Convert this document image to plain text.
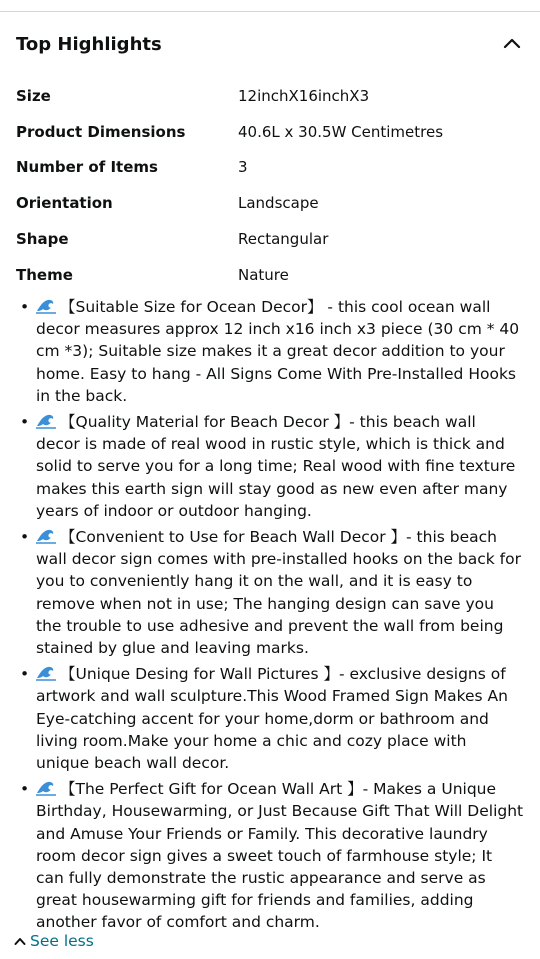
Top Highlights
Size	12inchX16inchX3
Product Dimensions	40.6L x 30.5W Centimetres
Number of Items	3
Orientation	Landscape
Shape	Rectangular
Theme	Nature
• 【Suitable Size for Ocean Decor】 - this cool ocean wall decor measures approx 12 inch x16 inch x3 piece (30 cm * 40 cm *3); Suitable size makes it a great decor addition to your home. Easy to hang - All Signs Come With Pre-Installed Hooks in the back.
• 【Quality Material for Beach Decor 】- this beach wall decor is made of real wood in rustic style, which is thick and solid to serve you for a long time; Real wood with fine texture makes this earth sign will stay good as new even after many years of indoor or outdoor hanging.
• 【Convenient to Use for Beach Wall Decor 】- this beach wall decor sign comes with pre-installed hooks on the back for you to conveniently hang it on the wall, and it is easy to remove when not in use; The hanging design can save you the trouble to use adhesive and prevent the wall from being stained by glue and leaving marks.
• 【Unique Desing for Wall Pictures 】- exclusive designs of artwork and wall sculpture.This Wood Framed Sign Makes An Eye-catching accent for your home,dorm or bathroom and living room.Make your home a chic and cozy place with unique beach wall decor.
• 【The Perfect Gift for Ocean Wall Art 】- Makes a Unique Birthday, Housewarming, or Just Because Gift That Will Delight and Amuse Your Friends or Family. This decorative laundry room decor sign gives a sweet touch of farmhouse style; It can fully demonstrate the rustic appearance and serve as great housewarming gift for friends and families, adding another favor of comfort and charm.
See less
